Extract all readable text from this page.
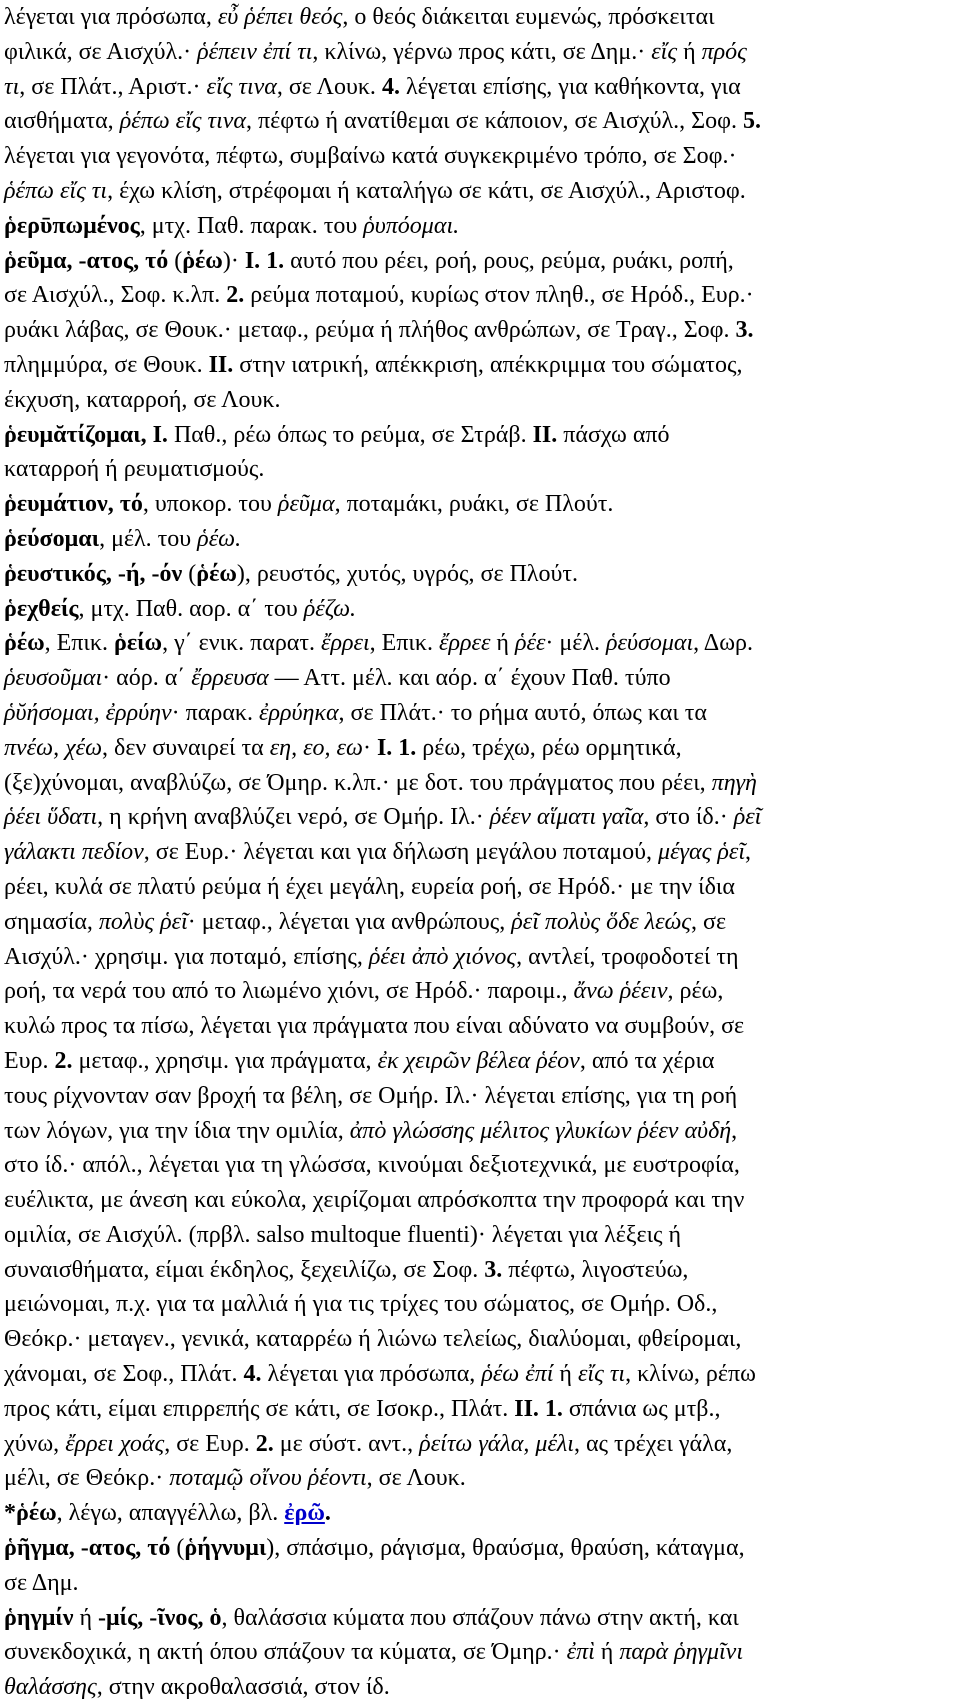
λέγεται για πρόσωπα, εὖ ῥέπει θεός, ο θεός διάκειται ευμενώς, πρόσκειται
φιλικά, σε Αισχύλ.· ῥέπειν ἐπί τι, κλίνω, γέρνω προς κάτι, σε Δημ.· εἴς ή πρός
τι, σε Πλάτ., Αριστ.· εἴς τινα, σε Λουκ. 4. λέγεται επίσης, για καθήκοντα, για
αισθήματα, ῥέπω εἴς τινα, πέφτω ή ανατίθεμαι σε κάποιον, σε Αισχύλ., Σοφ. 5.
λέγεται για γεγονότα, πέφτω, συμβαίνω κατά συγκεκριμένο τρόπο, σε Σοφ.·
ῥέπω εἴς τι, έχω κλίση, στρέφομαι ή καταλήγω σε κάτι, σε Αισχύλ., Αριστοφ.
ῥερῡπωμένος, μτχ. Παθ. παρακ. του ῥυπόομαι.
ῥεῦμα, -ατος, τό (ῥέω)· I. 1. αυτό που ρέει, ροή, ρους, ρεύμα, ρυάκι, ροπή,
σε Αισχύλ., Σοφ. κ.λπ. 2. ρεύμα ποταμού, κυρίως στον πληθ., σε Ηρόδ., Ευρ.·
ρυάκι λάβας, σε Θουκ.· μεταφ., ρεύμα ή πλήθος ανθρώπων, σε Τραγ., Σοφ. 3.
πλημμύρα, σε Θουκ. II. στην ιατρική, απέκκριση, απέκκριμμα του σώματος,
έκχυση, καταρροή, σε Λουκ.
ῥευμᾰτίζομαι, I. Παθ., ρέω όπως το ρεύμα, σε Στράβ. II. πάσχω από
καταρροή ή ρευματισμούς.
ῥευμάτιον, τό, υποκορ. του ῥεῦμα, ποταμάκι, ρυάκι, σε Πλούτ.
ῥεύσομαι, μέλ. του ῥέω.
ῥευστικός, -ή, -όν (ῥέω), ρευστός, χυτός, υγρός, σε Πλούτ.
ῥεχθείς, μτχ. Παθ. αορ. α΄ του ῥέζω.
ῥέω, Επικ. ῥείω, γ΄ ενικ. παρατ. ἔρρει, Επικ. ἔρρεε ή ῥέε· μέλ. ῥεύσομαι, Δωρ.
ῥευσοῦμαι· αόρ. α΄ ἔρρευσα — Αττ. μέλ. και αόρ. α΄ έχουν Παθ. τύπο
ῥῠήσομαι, ἐρρύην· παρακ. ἐρρύηκα, σε Πλάτ.· το ρήμα αυτό, όπως και τα
πνέω, χέω, δεν συναιρεί τα εη, εο, εω· I. 1. ρέω, τρέχω, ρέω ορμητικά,
(ξε)χύνομαι, αναβλύζω, σε Όμηρ. κ.λπ.· με δοτ. του πράγματος που ρέει, πηγὴ
ῥέει ὕδατι, η κρήνη αναβλύζει νερό, σε Ομήρ. Ιλ.· ῥέεν αἵματι γαῖα, στο ίδ.· ῥεῖ
γάλακτι πεδίον, σε Ευρ.· λέγεται και για δήλωση μεγάλου ποταμού, μέγας ῥεῖ,
ρέει, κυλά σε πλατύ ρεύμα ή έχει μεγάλη, ευρεία ροή, σε Ηρόδ.· με την ίδια
σημασία, πολὺς ῥεῖ· μεταφ., λέγεται για ανθρώπους, ῥεῖ πολὺς ὅδε λεώς, σε
Αισχύλ.· χρησιμ. για ποταμό, επίσης, ῥέει ἀπὸ χιόνος, αντλεί, τροφοδοτεί τη
ροή, τα νερά του από το λιωμένο χιόνι, σε Ηρόδ.· παροιμ., ἄνω ῥέειν, ρέω,
κυλώ προς τα πίσω, λέγεται για πράγματα που είναι αδύνατο να συμβούν, σε
Ευρ. 2. μεταφ., χρησιμ. για πράγματα, ἐκ χειρῶν βέλεα ῥέον, από τα χέρια
τους ρίχνονταν σαν βροχή τα βέλη, σε Ομήρ. Ιλ.· λέγεται επίσης, για τη ροή
των λόγων, για την ίδια την ομιλία, ἀπὸ γλώσσης μέλιτος γλυκίων ῥέεν αὐδή,
στο ίδ.· απόλ., λέγεται για τη γλώσσα, κινούμαι δεξιοτεχνικά, με ευστροφία,
ευέλικτα, με άνεση και εύκολα, χειρίζομαι απρόσκοπτα την προφορά και την
ομιλία, σε Αισχύλ. (πρβλ. salso multoque fluenti)· λέγεται για λέξεις ή
συναισθήματα, είμαι έκδηλος, ξεχειλίζω, σε Σοφ. 3. πέφτω, λιγοστεύω,
μειώνομαι, π.χ. για τα μαλλιά ή για τις τρίχες του σώματος, σε Ομήρ. Οδ.,
Θεόκρ.· μεταγεν., γενικά, καταρρέω ή λιώνω τελείως, διαλύομαι, φθείρομαι,
χάνομαι, σε Σοφ., Πλάτ. 4. λέγεται για πρόσωπα, ῥέω ἐπί ή εἴς τι, κλίνω, ρέπω
προς κάτι, είμαι επιρρεπής σε κάτι, σε Ισοκρ., Πλάτ. II. 1. σπάνια ως μτβ.,
χύνω, ἔρρει χοάς, σε Ευρ. 2. με σύστ. αντ., ῥείτω γάλα, μέλι, ας τρέχει γάλα,
μέλι, σε Θεόκρ.· ποταμῷ οἴνου ῥέοντι, σε Λουκ.
*ῥέω, λέγω, απαγγέλλω, βλ. ἐρῶ.
ῥῆγμα, -ατος, τό (ῥήγνυμι), σπάσιμο, ράγισμα, θραύσμα, θραύση, κάταγμα,
σε Δημ.
ῥηγμίν ή -μίς, -ῖνος, ὁ, θαλάσσια κύματα που σπάζουν πάνω στην ακτή, και
συνεκδοχικά, η ακτή όπου σπάζουν τα κύματα, σε Όμηρ.· ἐπὶ ή παρὰ ῥηγμῖνι
θαλάσσης, στην ακροθαλασσιά, στον ίδ.
